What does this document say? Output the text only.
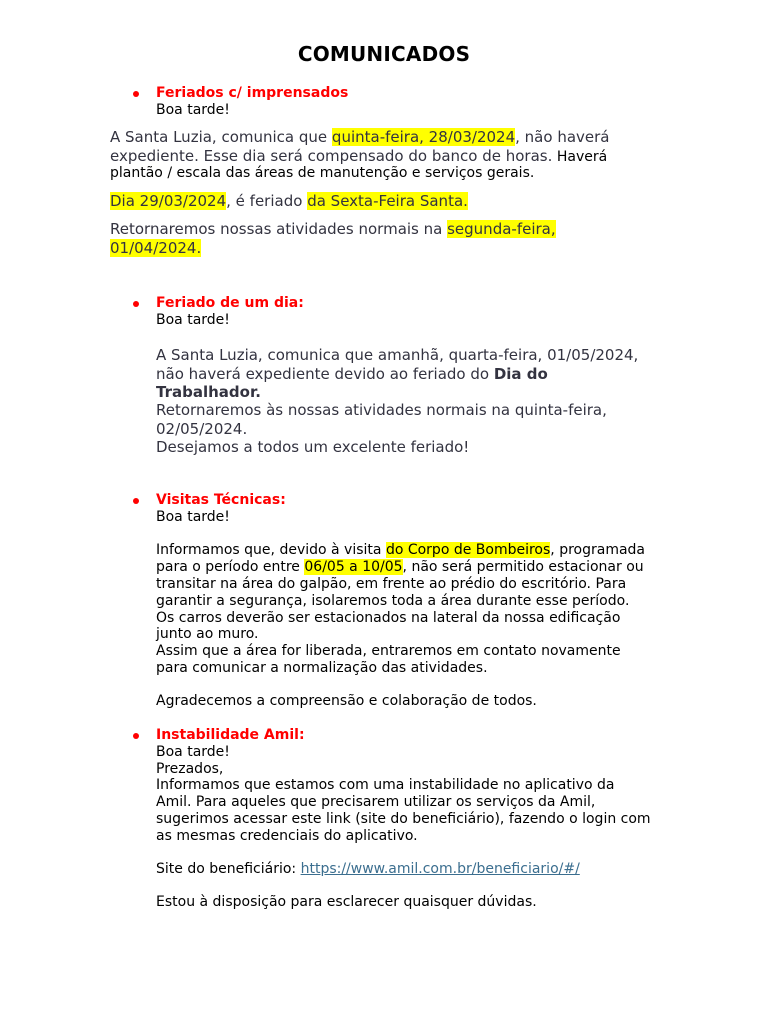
COMUNICADOS
Feriados c/ imprensados
Boa tarde!
A Santa Luzia, comunica que quinta-feira, 28/03/2024, não haverá
expediente. Esse dia será compensado do banco de horas. Haverá
plantão / escala das áreas de manutenção e serviços gerais.
Dia 29/03/2024, é feriado da Sexta-Feira Santa.
Retornaremos nossas atividades normais na segunda-feira,
01/04/2024.
Feriado de um dia:
Boa tarde!
A Santa Luzia, comunica que amanhã, quarta-feira, 01/05/2024,
não haverá expediente devido ao feriado do Dia do
Trabalhador.
Retornaremos às nossas atividades normais na quinta-feira,
02/05/2024.
Desejamos a todos um excelente feriado!
Visitas Técnicas:
Boa tarde!
Informamos que, devido à visita do Corpo de Bombeiros, programada
para o período entre 06/05 a 10/05, não será permitido estacionar ou
transitar na área do galpão, em frente ao prédio do escritório. Para
garantir a segurança, isolaremos toda a área durante esse período.
Os carros deverão ser estacionados na lateral da nossa edificação
junto ao muro.
Assim que a área for liberada, entraremos em contato novamente
para comunicar a normalização das atividades.
Agradecemos a compreensão e colaboração de todos.
Instabilidade Amil:
Boa tarde!
Prezados,
Informamos que estamos com uma instabilidade no aplicativo da
Amil. Para aqueles que precisarem utilizar os serviços da Amil,
sugerimos acessar este link (site do beneficiário), fazendo o login com
as mesmas credenciais do aplicativo.
Site do beneficiário: https://www.amil.com.br/beneficiario/#/
Estou à disposição para esclarecer quaisquer dúvidas.
